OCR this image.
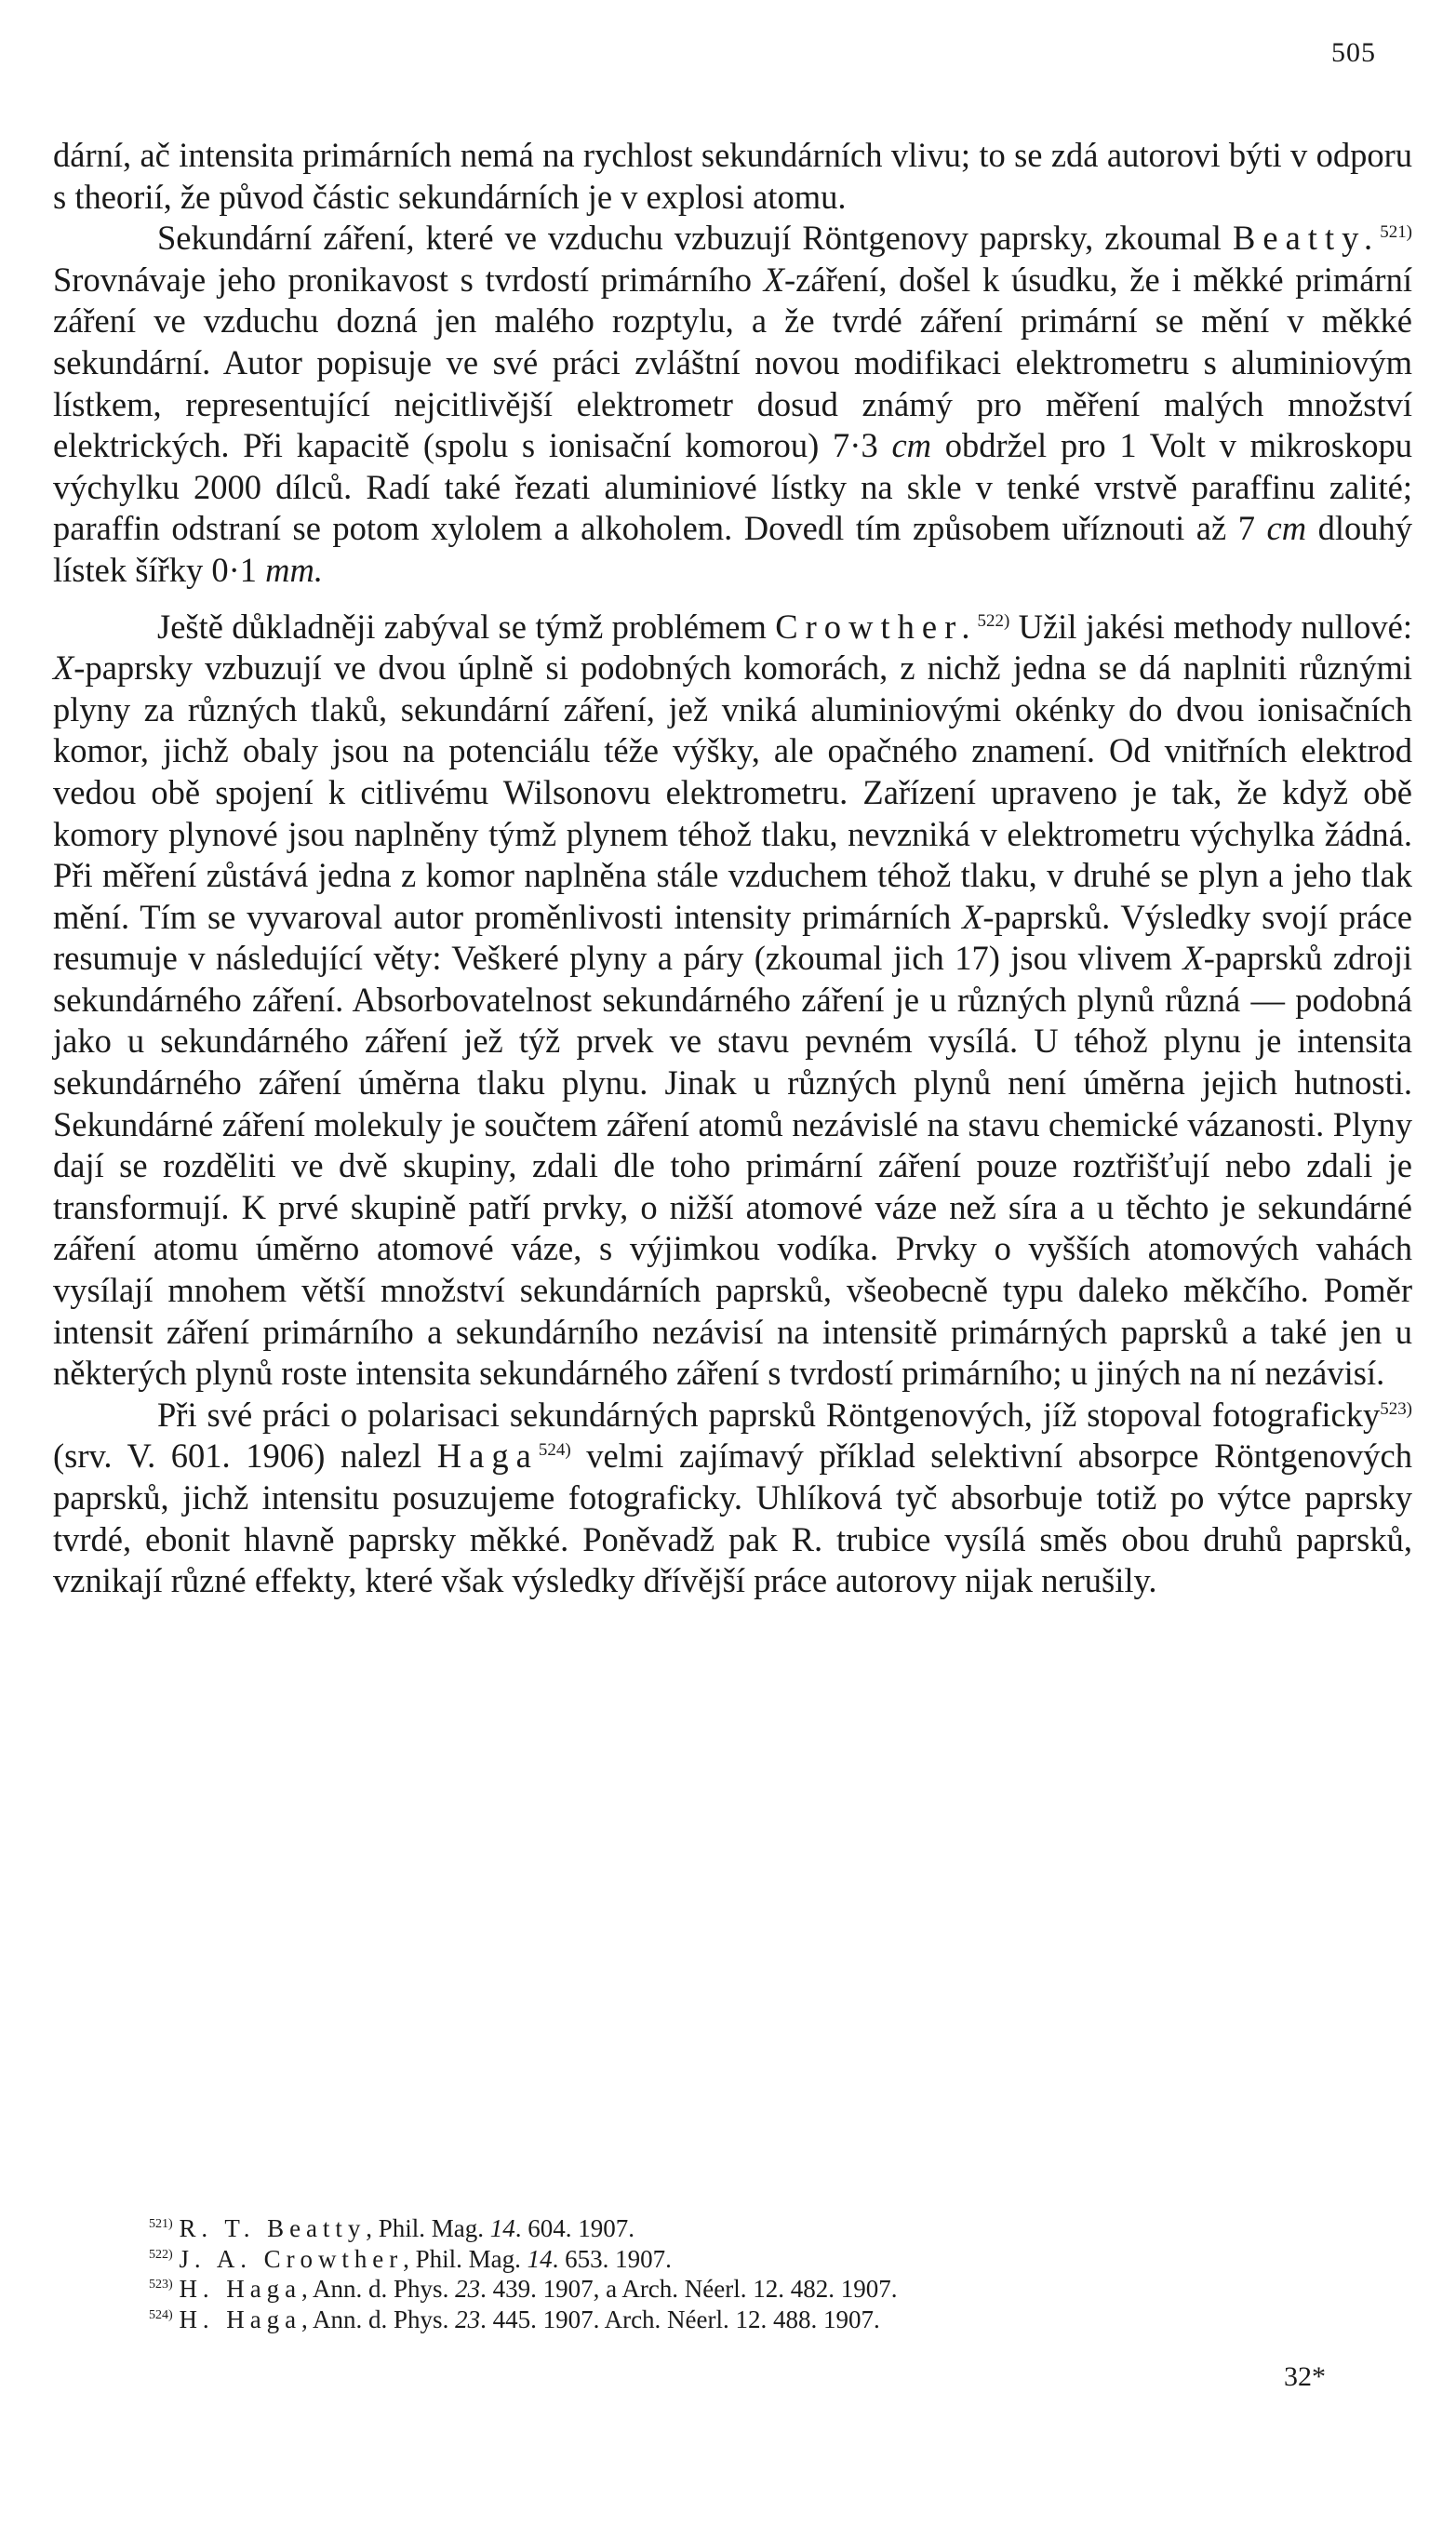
505

dární, ač intensita primárních nemá na rychlost sekundárních vlivu; to se zdá autorovi býti v odporu s theorií, že původ částic sekundárních je v explosi atomu.

Sekundární záření, které ve vzduchu vzbuzují Röntgenovy paprsky, zkoumal Beatty.$^{521)}$ Srovnávaje jeho pronikavost s tvrdostí primárního X-záření, došel k úsudku, že i měkké primární záření ve vzduchu dozná jen malého rozptylu, a že tvrdé záření primární se mění v měkké sekundární. Autor popisuje ve své práci zvláštní novou modifikaci elektrometru s aluminiovým lístkem, representující nejcitlivější elektrometr dosud známý pro měření malých množství elektrických. Při kapacitě (spolu s ionisační komorou) 7·3 cm obdržel pro 1 Volt v mikroskopu výchylku 2000 dílců. Radí také řezati aluminiové lístky na skle v tenké vrstvě paraffinu zalité; paraffin odstraní se potom xylolem a alkoholem. Dovedl tím způsobem uříznouti až 7 cm dlouhý lístek šířky 0·1 mm.

Ještě důkladněji zabýval se týmž problémem Crowther.$^{522)}$ Užil jakési methody nullové: X-paprsky vzbuzují ve dvou úplně si podobných komorách, z nichž jedna se dá naplniti různými plyny za různých tlaků, sekundární záření, jež vniká aluminiovými okénky do dvou ionisačních komor, jichž obaly jsou na potenciálu téže výšky, ale opačného znamení. Od vnitřních elektrod vedou obě spojení k citlivému Wilsonovu elektrometru. Zařízení upraveno je tak, že když obě komory plynové jsou naplněny týmž plynem téhož tlaku, nevzniká v elektrometru výchylka žádná. Při měření zůstává jedna z komor naplněna stále vzduchem téhož tlaku, v druhé se plyn a jeho tlak mění. Tím se vyvaroval autor proměnlivosti intensity primárních X-paprsků. Výsledky svojí práce resumuje v následující věty: Veškeré plyny a páry (zkoumal jich 17) jsou vlivem X-paprsků zdroji sekundárného záření. Absorbovatelnost sekundárného záření je u různých plynů různá — podobná jako u sekundárného záření jež týž prvek ve stavu pevném vysílá. U téhož plynu je intensita sekundárného záření úměrna tlaku plynu. Jinak u různých plynů není úměrna jejich hutnosti. Sekundárné záření molekuly je součtem záření atomů nezávislé na stavu chemické vázanosti. Plyny dají se rozděliti ve dvě skupiny, zdali dle toho primární záření pouze roztřišťují nebo zdali je transformují. K prvé skupině patří prvky, o nižší atomové váze než síra a u těchto je sekundárné záření atomu úměrno atomové váze, s výjimkou vodíka. Prvky o vyšších atomových vahách vysílají mnohem větší množství sekundárních paprsků, všeobecně typu daleko měkčího. Poměr intensit záření primárního a sekundárního nezávisí na intensitě primárných paprsků a také jen u některých plynů roste intensita sekundárného záření s tvrdostí primárního; u jiných na ní nezávisí.

Při své práci o polarisaci sekundárných paprsků Röntgenových, jíž stopoval fotograficky$^{523)}$ (srv. V. 601. 1906) nalezl Haga$^{524)}$ velmi zajímavý příklad selektivní absorpce Röntgenových paprsků, jichž intensitu posuzujeme fotograficky. Uhlíková tyč absorbuje totiž po výtce paprsky tvrdé, ebonit hlavně paprsky měkké. Poněvadž pak R. trubice vysílá směs obou druhů paprsků, vznikají různé effekty, které však výsledky dřívější práce autorovy nijak nerušily.

$^{521)}$ R. T. Beatty, Phil. Mag. 14. 604. 1907.

$^{522)}$ J. A. Crowther, Phil. Mag. 14. 653. 1907.

$^{523)}$ H. Haga, Ann. d. Phys. 23. 439. 1907, a Arch. Néerl. 12. 482. 1907.

$^{524)}$ H. Haga, Ann. d. Phys. 23. 445. 1907. Arch. Néerl. 12. 488. 1907.

32*
